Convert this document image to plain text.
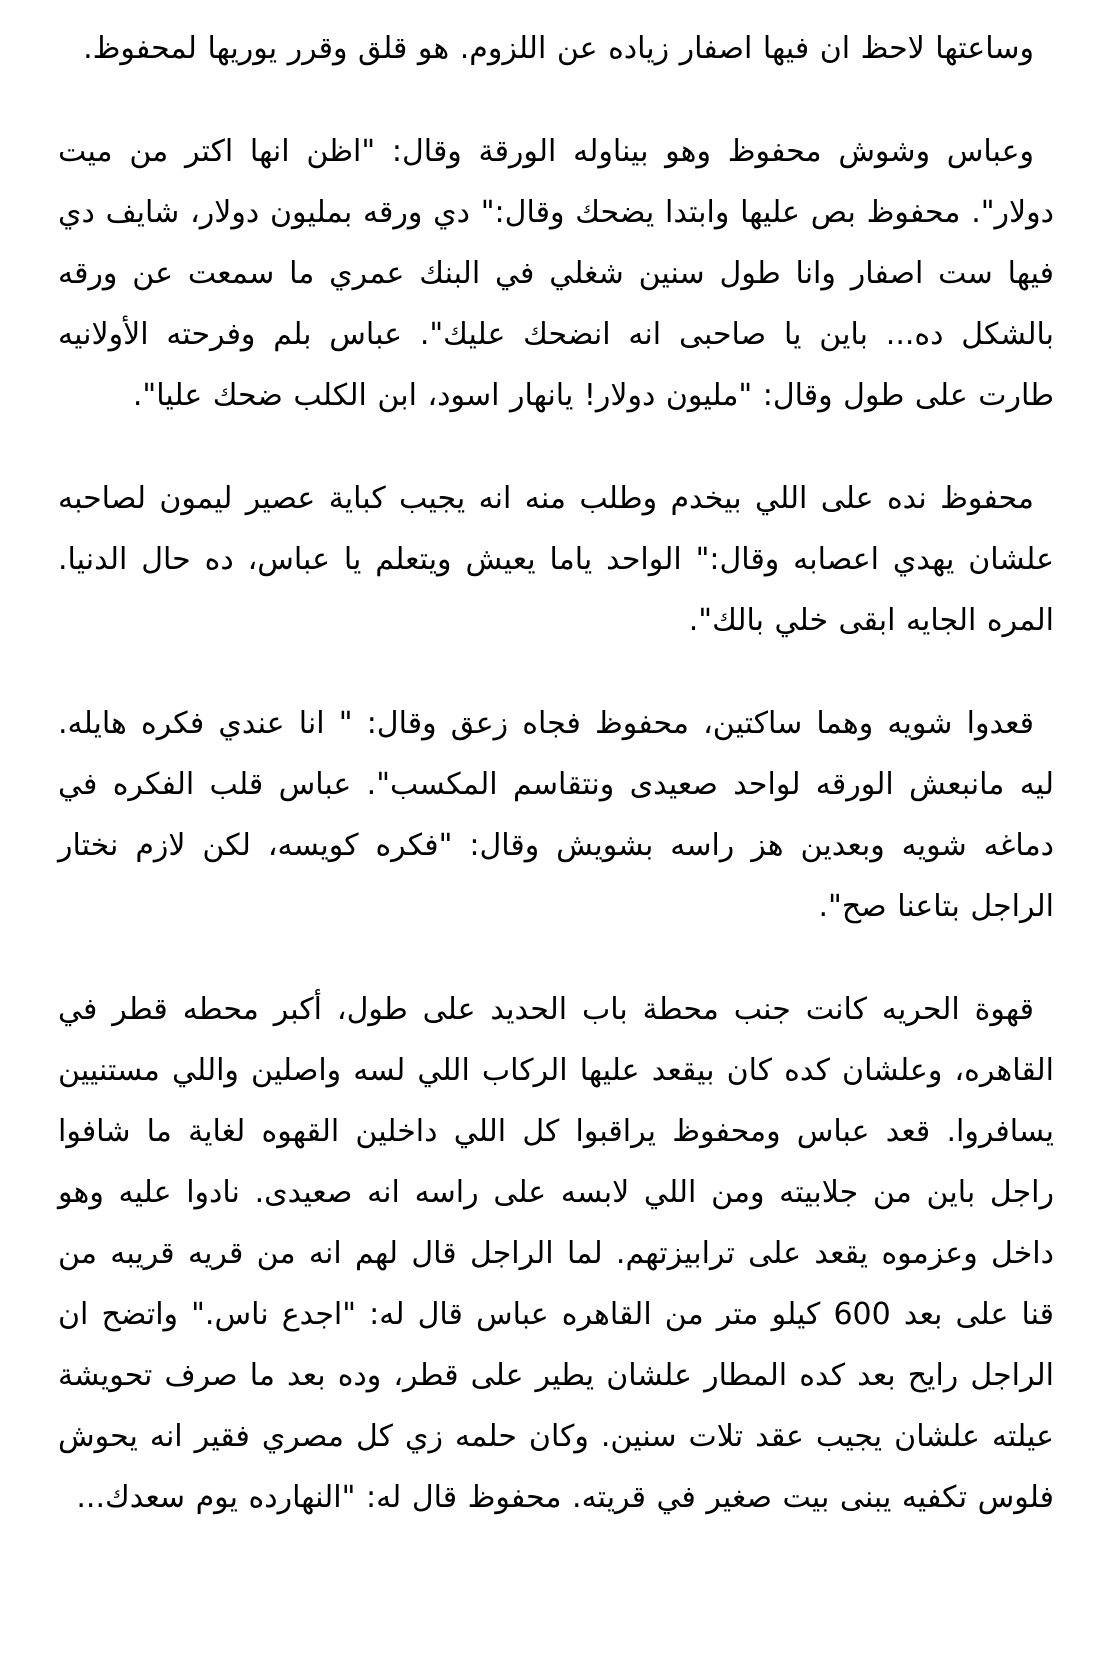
وساعتها لاحظ ان فيها اصفار زياده عن اللزوم. هو قلق وقرر يوريها لمحفوظ.

وعباس وشوش محفوظ وهو بيناوله الورقة وقال: "اظن انها اكتر من ميت دولار". محفوظ بص عليها وابتدا يضحك وقال:" دي ورقه بمليون دولار، شايف دي فيها ست اصفار وانا طول سنين شغلي في البنك عمري ما سمعت عن ورقه بالشكل ده... باين يا صاحبى انه انضحك عليك". عباس بلم وفرحته الأولانيه طارت على طول وقال: "مليون دولار! يانهار اسود، ابن الكلب ضحك عليا".

محفوظ نده على اللي بيخدم وطلب منه انه يجيب كباية عصير ليمون لصاحبه علشان يهدي اعصابه وقال:" الواحد ياما يعيش ويتعلم يا عباس، ده حال الدنيا. المره الجايه ابقى خلي بالك".

قعدوا شويه وهما ساكتين، محفوظ فجاه زعق وقال: " انا عندي فكره هايله. ليه مانبعش الورقه لواحد صعيدى ونتقاسم المكسب". عباس قلب الفكره في دماغه شويه وبعدين هز راسه بشويش وقال: "فكره كويسه، لكن لازم نختار الراجل بتاعنا صح".

قهوة الحريه كانت جنب محطة باب الحديد على طول، أكبر محطه قطر في القاهره، وعلشان كده كان بيقعد عليها الركاب اللي لسه واصلين واللي مستنيين يسافروا. قعد عباس ومحفوظ يراقبوا كل اللي داخلين القهوه لغاية ما شافوا راجل باين من جلابيته ومن اللي لابسه على راسه انه صعيدى. نادوا عليه وهو داخل وعزموه يقعد على ترابيزتهم. لما الراجل قال لهم انه من قريه قريبه من قنا على بعد 600 كيلو متر من القاهره عباس قال له: "اجدع ناس." واتضح ان الراجل رايح بعد كده المطار علشان يطير على قطر، وده بعد ما صرف تحويشة عيلته علشان يجيب عقد تلات سنين. وكان حلمه زي كل مصري فقير انه يحوش فلوس تكفيه يبنى بيت صغير في قريته. محفوظ قال له: "النهارده يوم سعدك...
